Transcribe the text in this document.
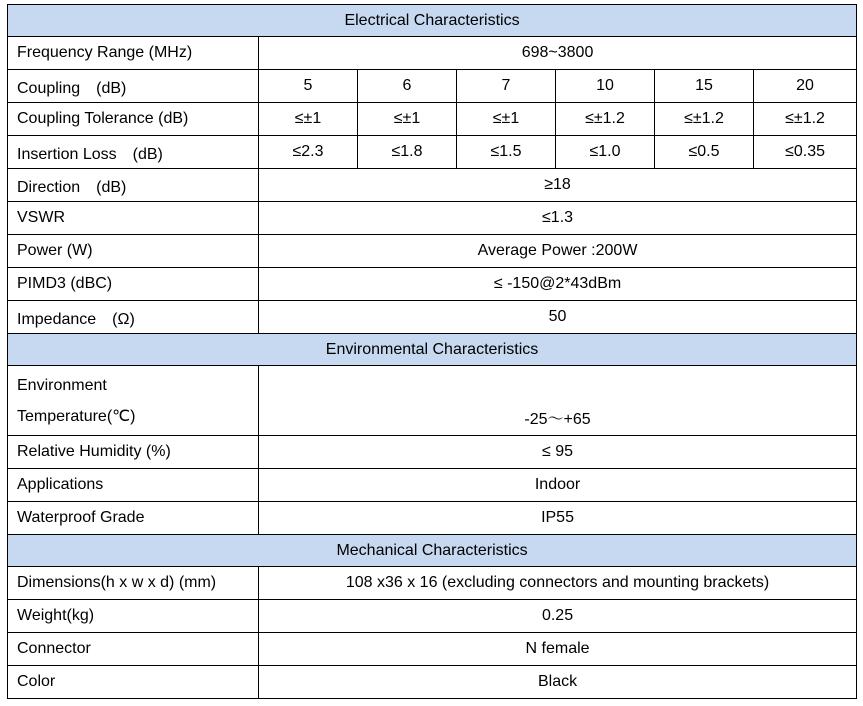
Electrical Characteristics						
Frequency Range (MHz)	698~3800					
Coupling　(dB)	5	6	7	10	15	20
Coupling Tolerance (dB)	≤±1	≤±1	≤±1	≤±1.2	≤±1.2	≤±1.2
Insertion Loss　(dB)	≤2.3	≤1.8	≤1.5	≤1.0	≤0.5	≤0.35
Direction　(dB)	≥18					
VSWR	≤1.3					
Power (W)	Average Power :200W					
PIMD3 (dBC)	≤ -150@2*43dBm					
Impedance　(Ω)	50					
Environmental Characteristics						

Environment
Temperature(℃)	-25～+65					
Relative Humidity (%)	≤ 95					
Applications	Indoor					
Waterproof Grade	IP55					
Mechanical Characteristics						
Dimensions(h x w x d) (mm)	108 x36 x 16 (excluding connectors and mounting brackets)					
Weight(kg)	0.25					
Connector	N female					
Color	Black					
